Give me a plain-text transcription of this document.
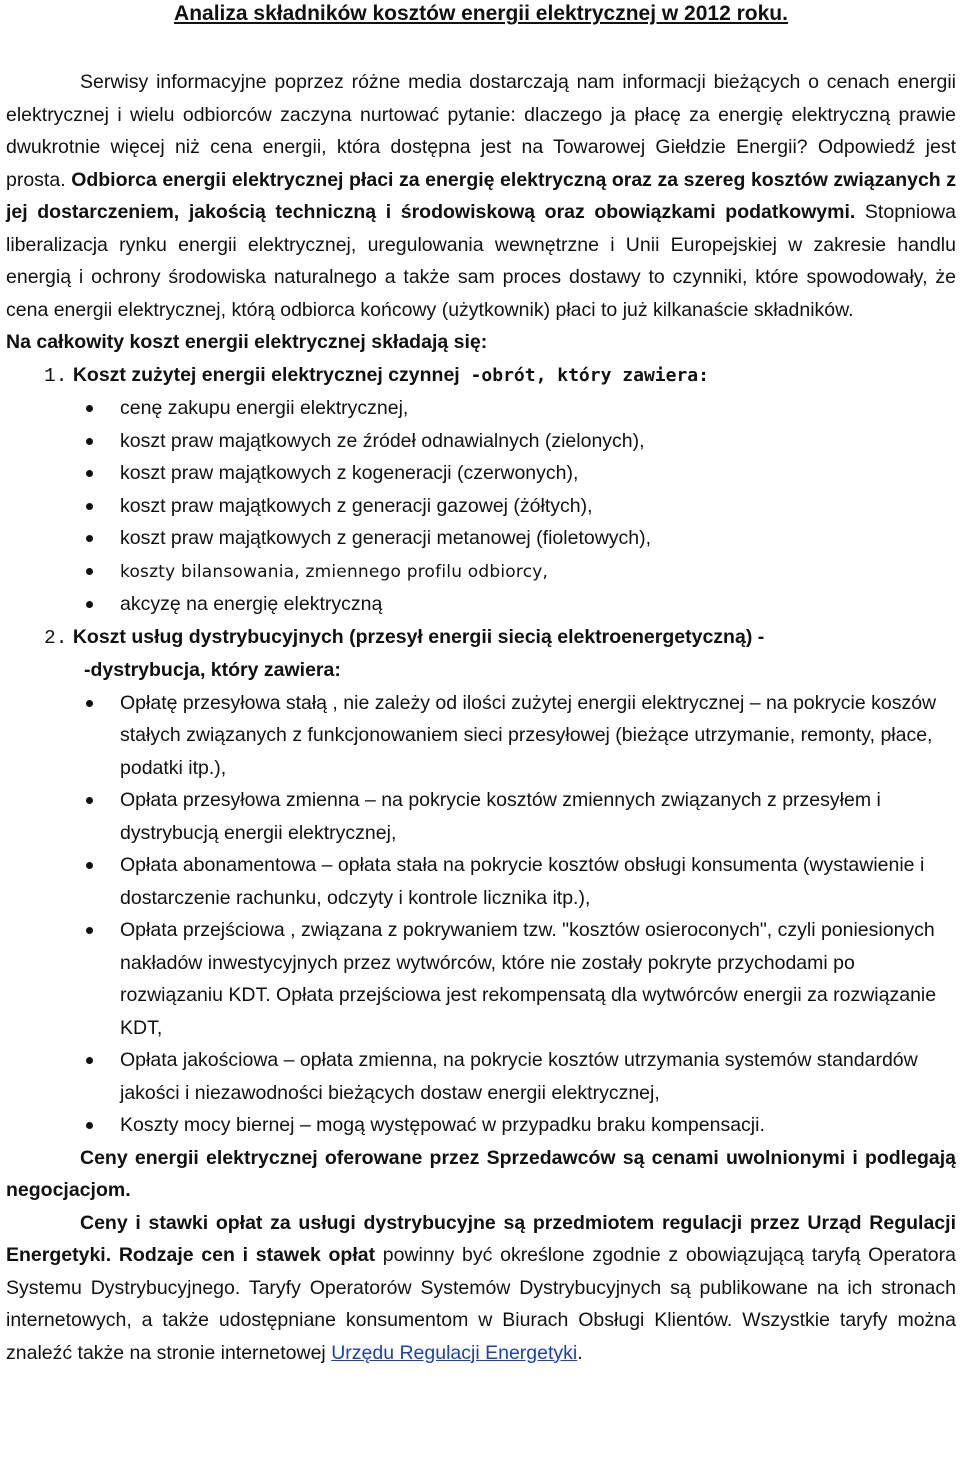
Analiza składników kosztów energii elektrycznej w 2012 roku.

Serwisy informacyjne poprzez różne media dostarczają nam informacji bieżących o cenach energii elektrycznej i wielu odbiorców zaczyna nurtować pytanie: dlaczego ja płacę za energię elektryczną prawie dwukrotnie więcej niż cena energii, która dostępna jest na Towarowej Giełdzie Energii? Odpowiedź jest prosta. Odbiorca energii elektrycznej płaci za energię elektryczną oraz za szereg kosztów związanych z jej dostarczeniem, jakością techniczną i środowiskową oraz obowiązkami podatkowymi. Stopniowa liberalizacja rynku energii elektrycznej, uregulowania wewnętrzne i Unii Europejskiej w zakresie handlu energią i ochrony środowiska naturalnego a także sam proces dostawy to czynniki, które spowodowały, że cena energii elektrycznej, którą odbiorca końcowy (użytkownik) płaci to już kilkanaście składników.

Na całkowity koszt energii elektrycznej składają się:

1. Koszt zużytej energii elektrycznej czynnej -obrót, który zawiera:

cenę zakupu energii elektrycznej,
koszt praw majątkowych ze źródeł odnawialnych (zielonych),
koszt praw majątkowych z kogeneracji (czerwonych),
koszt praw majątkowych z generacji gazowej (żółtych),
koszt praw majątkowych z generacji metanowej (fioletowych),
koszty bilansowania, zmiennego profilu odbiorcy,
akcyzę na energię elektryczną
2. Koszt usług dystrybucyjnych (przesył energii siecią elektroenergetyczną) -
-dystrybucja, który zawiera:
Opłatę przesyłowa stałą , nie zależy od ilości zużytej energii elektrycznej – na pokrycie koszów stałych związanych z funkcjonowaniem sieci przesyłowej (bieżące utrzymanie, remonty, płace, podatki itp.),
Opłata przesyłowa zmienna – na pokrycie kosztów zmiennych związanych z przesyłem i dystrybucją energii elektrycznej,
Opłata abonamentowa – opłata stała na pokrycie kosztów obsługi konsumenta (wystawienie i dostarczenie rachunku, odczyty i kontrole licznika itp.),
Opłata przejściowa , związana z pokrywaniem tzw. "kosztów osieroconych", czyli poniesionych nakładów inwestycyjnych przez wytwórców, które nie zostały pokryte przychodami po rozwiązaniu KDT. Opłata przejściowa jest rekompensatą dla wytwórców energii za rozwiązanie KDT,
Opłata jakościowa – opłata zmienna, na pokrycie kosztów utrzymania systemów standardów jakości i niezawodności bieżących dostaw energii elektrycznej,
Koszty mocy biernej – mogą występować w przypadku braku kompensacji.

Ceny energii elektrycznej oferowane przez Sprzedawców są cenami uwolnionymi i podlegają negocjacjom.

Ceny i stawki opłat za usługi dystrybucyjne są przedmiotem regulacji przez Urząd Regulacji Energetyki. Rodzaje cen i stawek opłat powinny być określone zgodnie z obowiązującą taryfą Operatora Systemu Dystrybucyjnego. Taryfy Operatorów Systemów Dystrybucyjnych są publikowane na ich stronach internetowych, a także udostępniane konsumentom w Biurach Obsługi Klientów. Wszystkie taryfy można znaleźć także na stronie internetowej Urzędu Regulacji Energetyki.
